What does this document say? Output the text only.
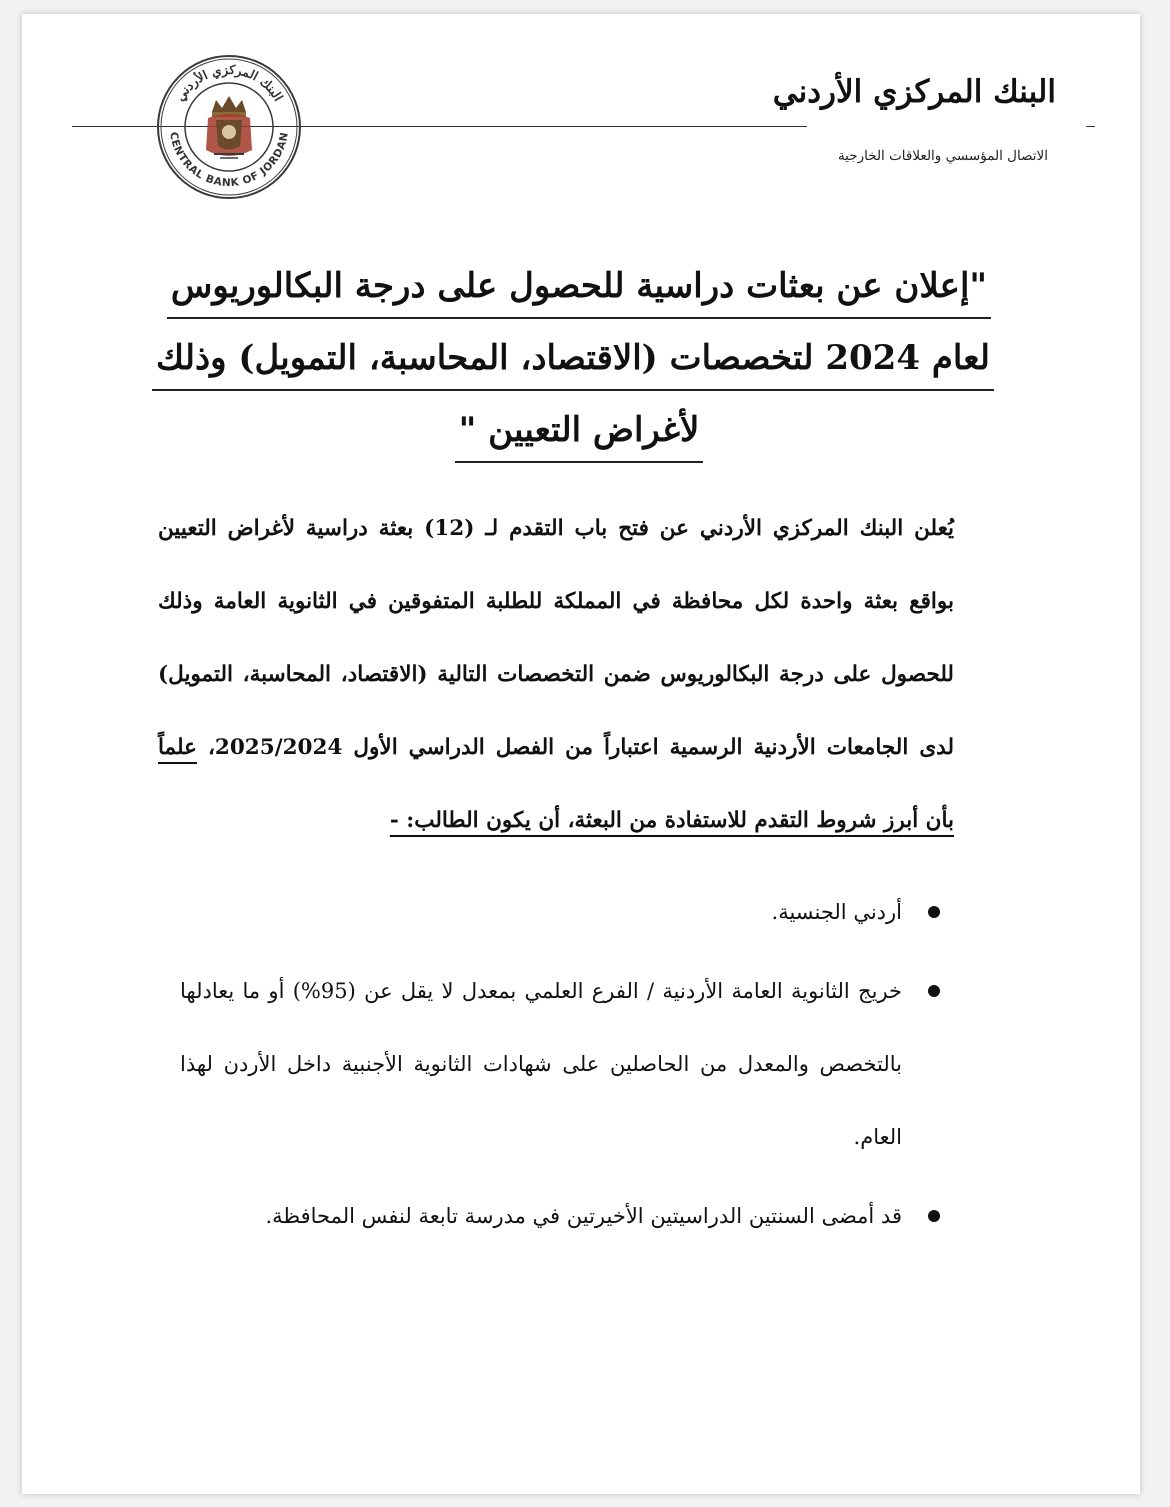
البنك المركزي الأردني
الاتصال المؤسسي والعلاقات الخارجية
البنك المركزي الأردني
CENTRAL BANK OF JORDAN
"إعلان عن بعثات دراسية للحصول على درجة البكالوريوس
لعام 2024 لتخصصات (الاقتصاد، المحاسبة، التمويل) وذلك
لأغراض التعيين "

يُعلن البنك المركزي الأردني عن فتح باب التقدم لـ (12) بعثة دراسية لأغراض التعيين بواقع بعثة واحدة لكل محافظة في المملكة للطلبة المتفوقين في الثانوية العامة وذلك للحصول على درجة البكالوريوس ضمن التخصصات التالية (الاقتصاد، المحاسبة، التمويل) لدى الجامعات الأردنية الرسمية اعتباراً من الفصل الدراسي الأول 2025/2024، علماً بأن أبرز شروط التقدم للاستفادة من البعثة، أن يكون الطالب: -

أردني الجنسية.
خريج الثانوية العامة الأردنية / الفرع العلمي بمعدل لا يقل عن (95%) أو ما يعادلها بالتخصص والمعدل من الحاصلين على شهادات الثانوية الأجنبية داخل الأردن لهذا العام.
قد أمضى السنتين الدراسيتين الأخيرتين في مدرسة تابعة لنفس المحافظة.
